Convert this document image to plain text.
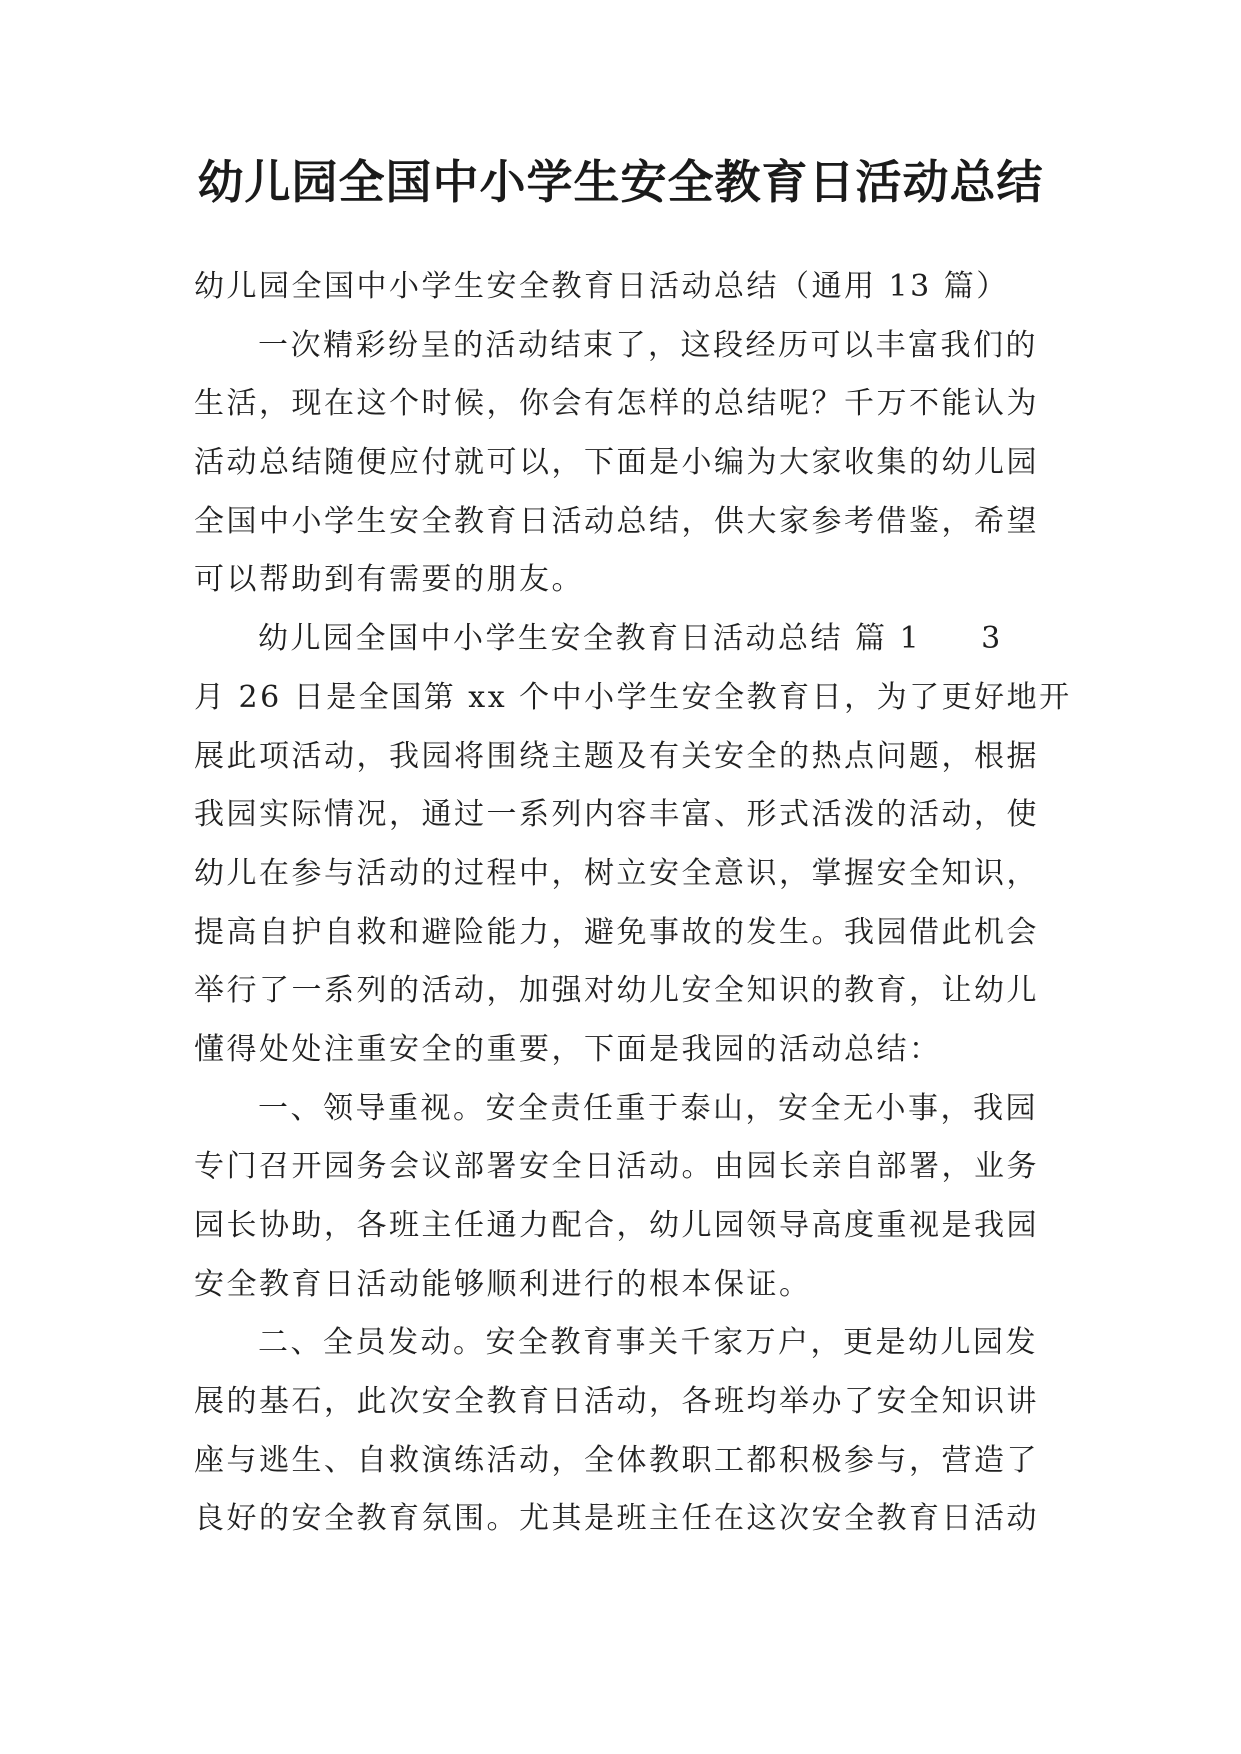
幼儿园全国中小学生安全教育日活动总结

幼儿园全国中小学生安全教育日活动总结（通用 13 篇）

一次精彩纷呈的活动结束了，这段经历可以丰富我们的

生活，现在这个时候，你会有怎样的总结呢？千万不能认为

活动总结随便应付就可以，下面是小编为大家收集的幼儿园

全国中小学生安全教育日活动总结，供大家参考借鉴，希望

可以帮助到有需要的朋友。

幼儿园全国中小学生安全教育日活动总结 篇 1 3

月 26 日是全国第 xx 个中小学生安全教育日，为了更好地开

展此项活动，我园将围绕主题及有关安全的热点问题，根据

我园实际情况，通过一系列内容丰富、形式活泼的活动，使

幼儿在参与活动的过程中，树立安全意识，掌握安全知识，

提高自护自救和避险能力，避免事故的发生。我园借此机会

举行了一系列的活动，加强对幼儿安全知识的教育，让幼儿

懂得处处注重安全的重要，下面是我园的活动总结：

一、领导重视。安全责任重于泰山，安全无小事，我园

专门召开园务会议部署安全日活动。由园长亲自部署，业务

园长协助，各班主任通力配合，幼儿园领导高度重视是我园

安全教育日活动能够顺利进行的根本保证。

二、全员发动。安全教育事关千家万户，更是幼儿园发

展的基石，此次安全教育日活动，各班均举办了安全知识讲

座与逃生、自救演练活动，全体教职工都积极参与，营造了

良好的安全教育氛围。尤其是班主任在这次安全教育日活动
